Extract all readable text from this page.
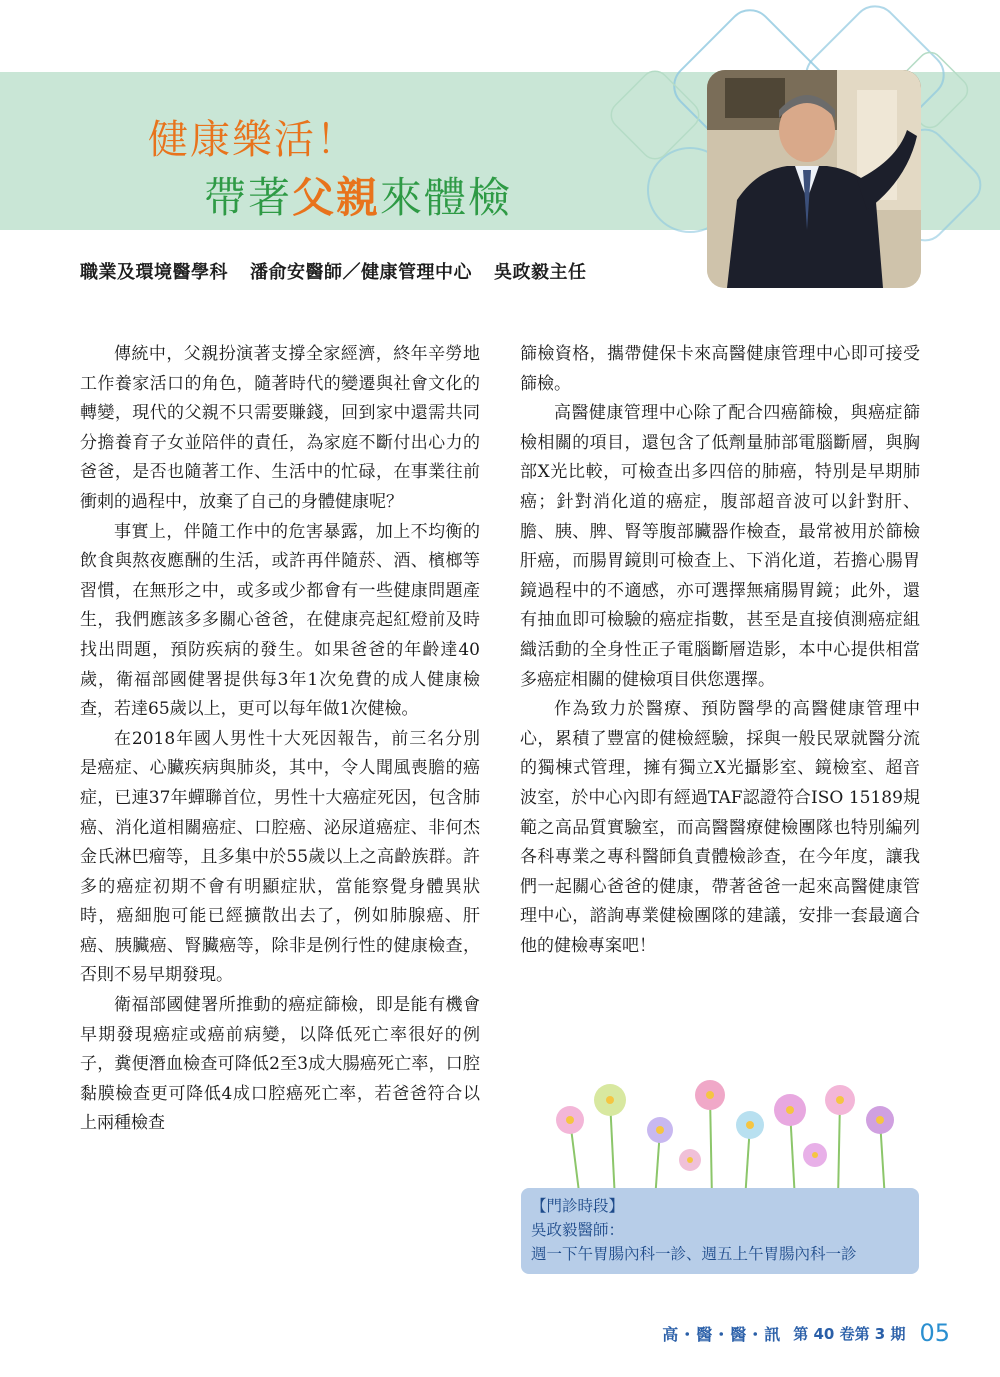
健康樂活！
帶著父親來體檢
職業及環境醫學科 潘俞安醫師／健康管理中心 吳政毅主任

傳統中，父親扮演著支撐全家經濟，終年辛勞地工作養家活口的角色，隨著時代的變遷與社會文化的轉變，現代的父親不只需要賺錢，回到家中還需共同分擔養育子女並陪伴的責任，為家庭不斷付出心力的爸爸，是否也隨著工作、生活中的忙碌，在事業往前衝刺的過程中，放棄了自己的身體健康呢？

事實上，伴隨工作中的危害暴露，加上不均衡的飲食與熬夜應酬的生活，或許再伴隨菸、酒、檳榔等習慣，在無形之中，或多或少都會有一些健康問題產生，我們應該多多關心爸爸，在健康亮起紅燈前及時找出問題，預防疾病的發生。如果爸爸的年齡達40歲，衛福部國健署提供每3年1次免費的成人健康檢查，若達65歲以上，更可以每年做1次健檢。

在2018年國人男性十大死因報告，前三名分別是癌症、心臟疾病與肺炎，其中，令人聞風喪膽的癌症，已連37年蟬聯首位，男性十大癌症死因，包含肺癌、消化道相關癌症、口腔癌、泌尿道癌症、非何杰金氏淋巴瘤等，且多集中於55歲以上之高齡族群。許多的癌症初期不會有明顯症狀，當能察覺身體異狀時，癌細胞可能已經擴散出去了，例如肺腺癌、肝癌、胰臟癌、腎臟癌等，除非是例行性的健康檢查，否則不易早期發現。

衛福部國健署所推動的癌症篩檢，即是能有機會早期發現癌症或癌前病變，以降低死亡率很好的例子，糞便潛血檢查可降低2至3成大腸癌死亡率，口腔黏膜檢查更可降低4成口腔癌死亡率，若爸爸符合以上兩種檢查

篩檢資格，攜帶健保卡來高醫健康管理中心即可接受篩檢。

高醫健康管理中心除了配合四癌篩檢，與癌症篩檢相關的項目，還包含了低劑量肺部電腦斷層，與胸部X光比較，可檢查出多四倍的肺癌，特別是早期肺癌；針對消化道的癌症，腹部超音波可以針對肝、膽、胰、脾、腎等腹部臟器作檢查，最常被用於篩檢肝癌，而腸胃鏡則可檢查上、下消化道，若擔心腸胃鏡過程中的不適感，亦可選擇無痛腸胃鏡；此外，還有抽血即可檢驗的癌症指數，甚至是直接偵測癌症組織活動的全身性正子電腦斷層造影，本中心提供相當多癌症相關的健檢項目供您選擇。

作為致力於醫療、預防醫學的高醫健康管理中心，累積了豐富的健檢經驗，採與一般民眾就醫分流的獨棟式管理，擁有獨立X光攝影室、鏡檢室、超音波室，於中心內即有經過TAF認證符合ISO 15189規範之高品質實驗室，而高醫醫療健檢團隊也特別編列各科專業之專科醫師負責體檢診查，在今年度，讓我們一起關心爸爸的健康，帶著爸爸一起來高醫健康管理中心，諮詢專業健檢團隊的建議，安排一套最適合他的健檢專案吧！

【門診時段】
吳政毅醫師：
週一下午胃腸內科一診、週五上午胃腸內科一診
高・醫・醫・訊 第 40 卷第 3 期 05
